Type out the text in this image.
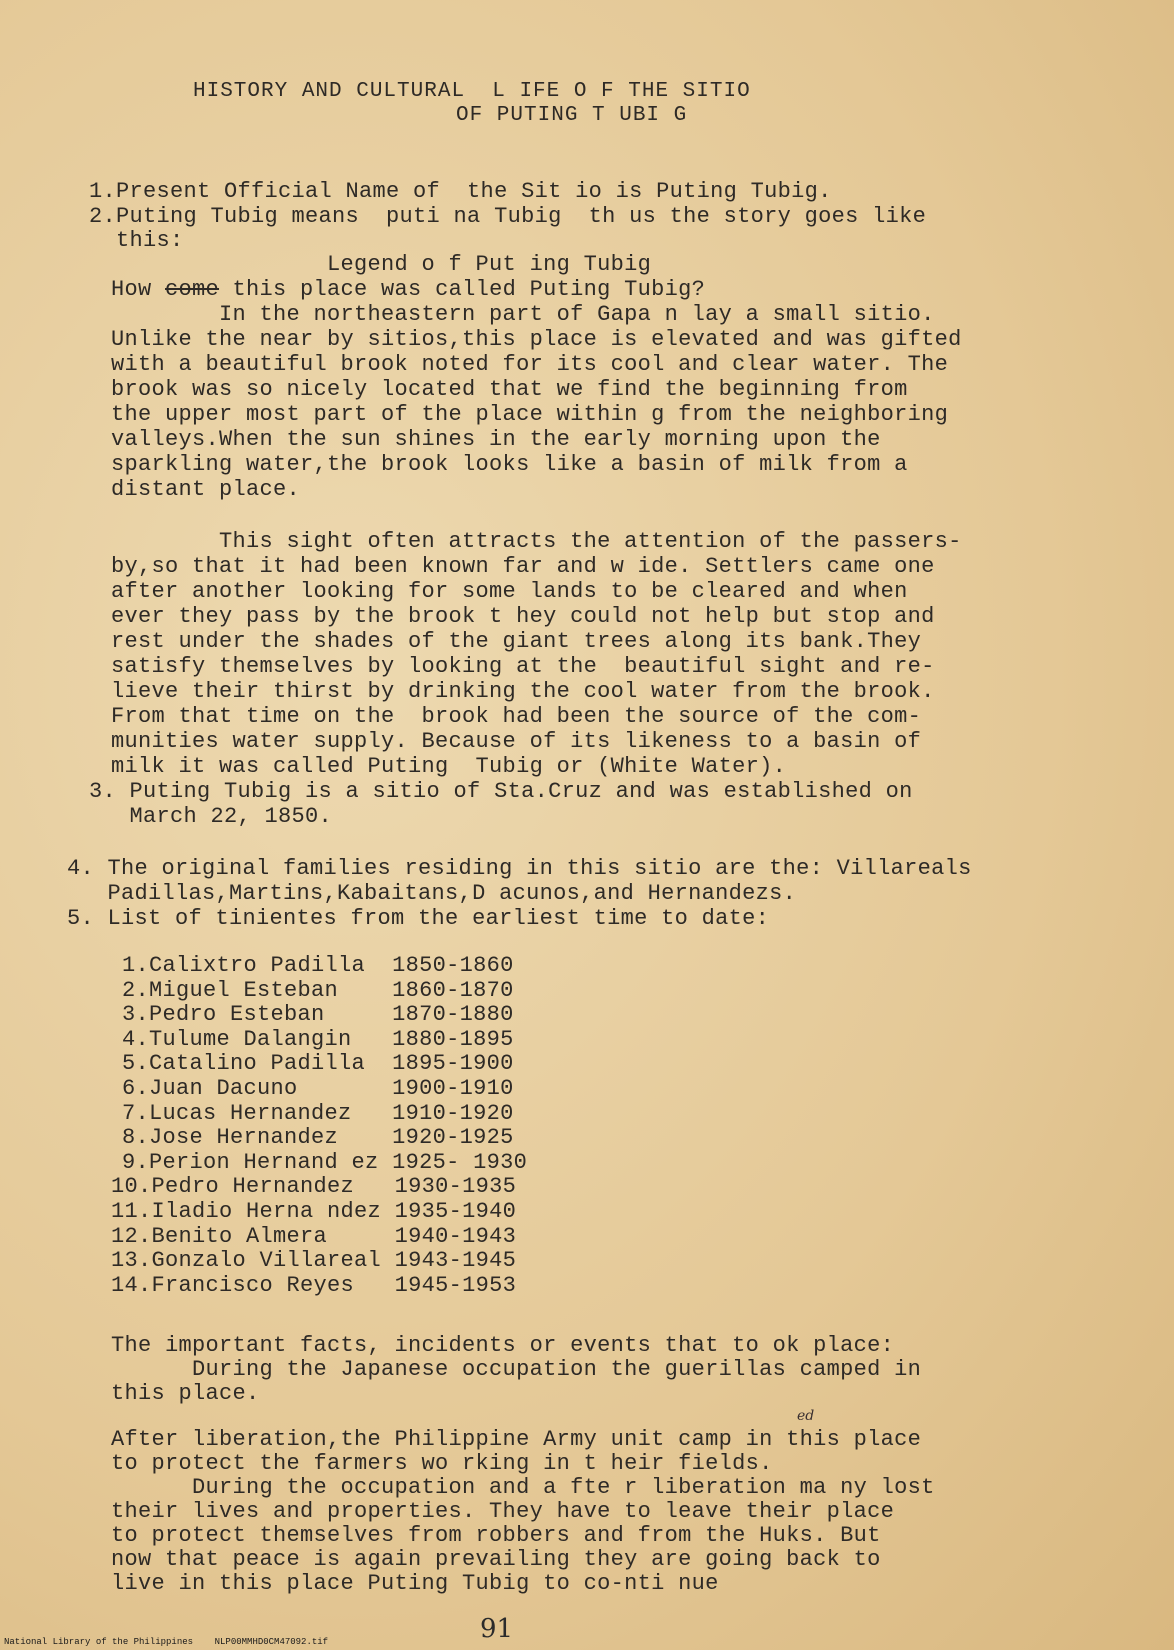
HISTORY AND CULTURAL  L IFE O F THE SITIO
OF PUTING T UBI G
1.Present Official Name of  the Sit io is Puting Tubig.
2.Puting Tubig means  puti na Tubig  th us the story goes like
this:
Legend o f Put ing Tubig
How come this place was called Puting Tubig?
In the northeastern part of Gapa n lay a small sitio.
Unlike the near by sitios,this place is elevated and was gifted
with a beautiful brook noted for its cool and clear water. The
brook was so nicely located that we find the beginning from
the upper most part of the place within g from the neighboring
valleys.When the sun shines in the early morning upon the
sparkling water,the brook looks like a basin of milk from a
distant place.
This sight often attracts the attention of the passers-
by,so that it had been known far and w ide. Settlers came one
after another looking for some lands to be cleared and when
ever they pass by the brook t hey could not help but stop and
rest under the shades of the giant trees along its bank.They
satisfy themselves by looking at the  beautiful sight and re-
lieve their thirst by drinking the cool water from the brook.
From that time on the  brook had been the source of the com-
munities water supply. Because of its likeness to a basin of
milk it was called Puting  Tubig or (White Water).
3. Puting Tubig is a sitio of Sta.Cruz and was established on
March 22, 1850.
4. The original families residing in this sitio are the: Villareals
Padillas,Martins,Kabaitans,D acunos,and Hernandezs.
5. List of tinientes from the earliest time to date:
1.Calixtro Padilla  1850-1860
2.Miguel Esteban    1860-1870
3.Pedro Esteban     1870-1880
4.Tulume Dalangin   1880-1895
5.Catalino Padilla  1895-1900
6.Juan Dacuno       1900-1910
7.Lucas Hernandez   1910-1920
8.Jose Hernandez    1920-1925
9.Perion Hernand ez 1925- 1930
10.Pedro Hernandez   1930-1935
11.Iladio Herna ndez 1935-1940
12.Benito Almera     1940-1943
13.Gonzalo Villareal 1943-1945
14.Francisco Reyes   1945-1953
The important facts, incidents or events that to ok place:
During the Japanese occupation the guerillas camped in
this place.
ed
After liberation,the Philippine Army unit camp in this place
to protect the farmers wo rking in t heir fields.
During the occupation and a fte r liberation ma ny lost
their lives and properties. They have to leave their place
to protect themselves from robbers and from the Huks. But
now that peace is again prevailing they are going back to
live in this place Puting Tubig to co-nti nue
91
National Library of the Philippines    NLP00MMHD0CM47092.tif
